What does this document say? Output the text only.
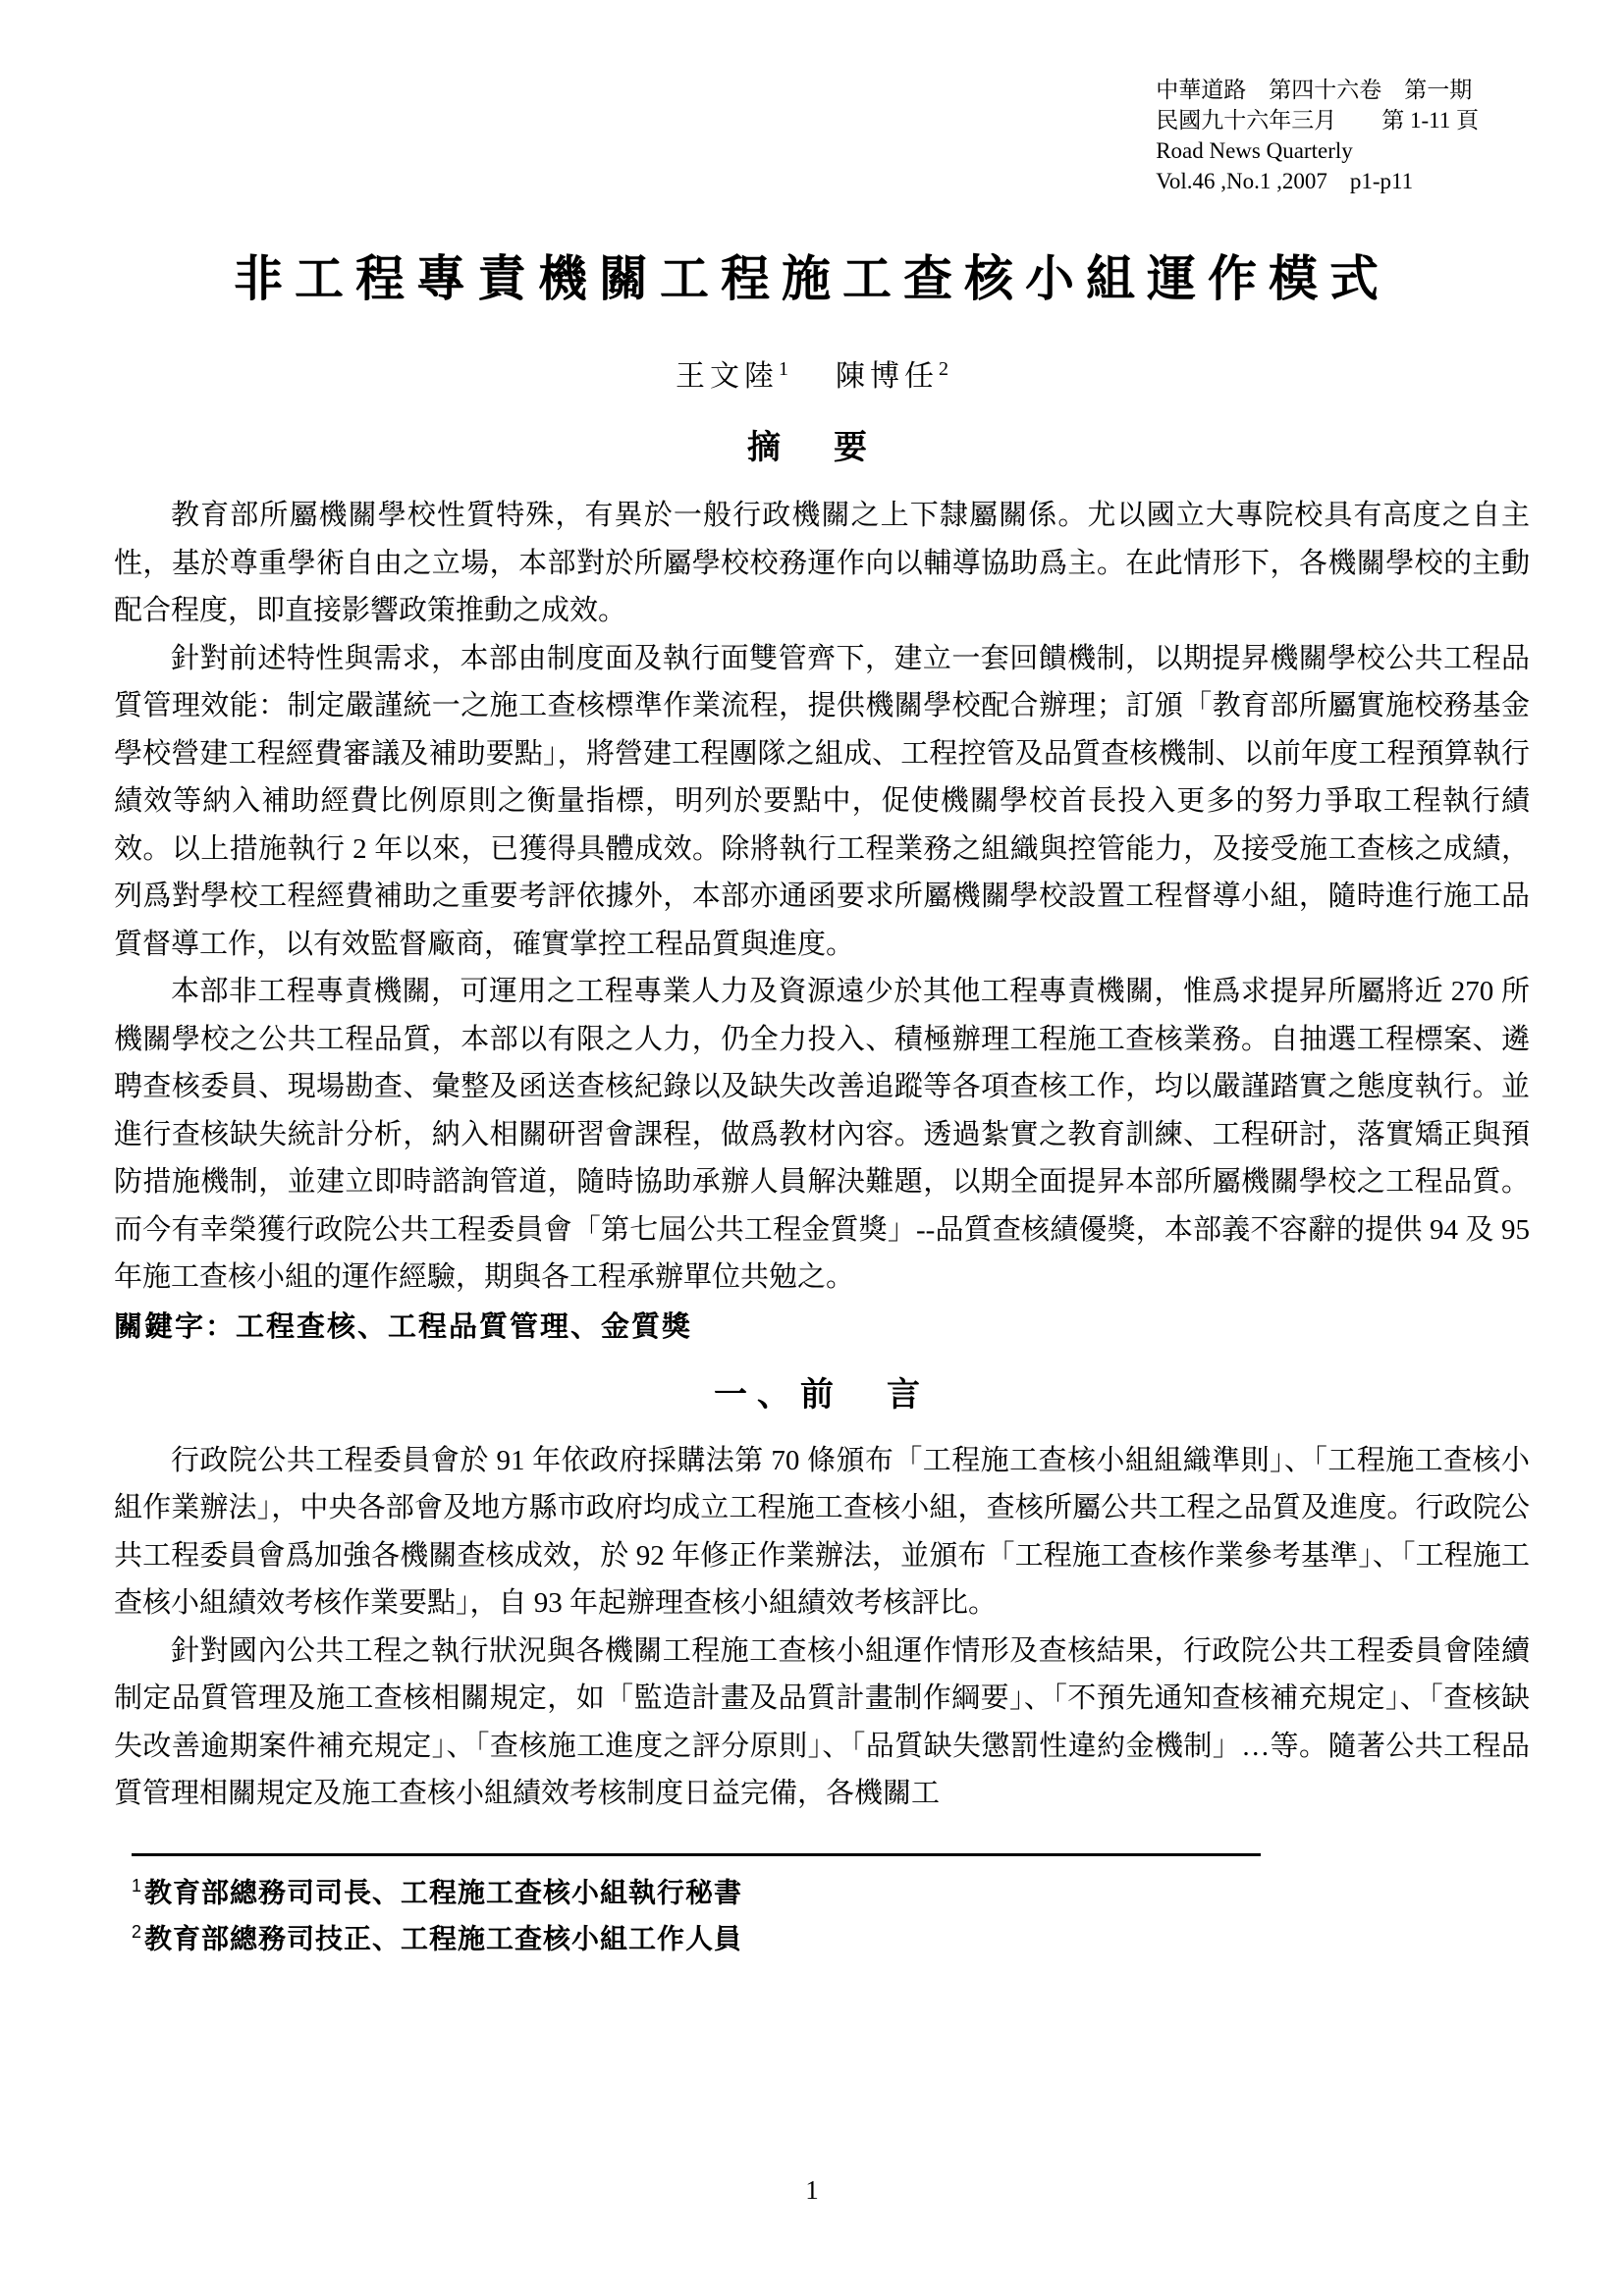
中華道路　第四十六卷　第一期
民國九十六年三月　　第 1-11 頁
Road News Quarterly
Vol.46 ,No.1 ,2007　p1-p11
非工程專責機關工程施工查核小組運作模式
王文陸$^1$ 陳博任$^2$
摘　要

教育部所屬機關學校性質特殊，有異於一般行政機關之上下隸屬關係。尤以國立大專院校具有高度之自主性，基於尊重學術自由之立場，本部對於所屬學校校務運作向以輔導協助爲主。在此情形下，各機關學校的主動配合程度，即直接影響政策推動之成效。

針對前述特性與需求，本部由制度面及執行面雙管齊下，建立一套回饋機制，以期提昇機關學校公共工程品質管理效能：制定嚴謹統一之施工查核標準作業流程，提供機關學校配合辦理；訂頒「教育部所屬實施校務基金學校營建工程經費審議及補助要點」，將營建工程團隊之組成、工程控管及品質查核機制、以前年度工程預算執行績效等納入補助經費比例原則之衡量指標，明列於要點中，促使機關學校首長投入更多的努力爭取工程執行績效。以上措施執行 2 年以來，已獲得具體成效。除將執行工程業務之組織與控管能力，及接受施工查核之成績，列爲對學校工程經費補助之重要考評依據外，本部亦通函要求所屬機關學校設置工程督導小組，隨時進行施工品質督導工作，以有效監督廠商，確實掌控工程品質與進度。

本部非工程專責機關，可運用之工程專業人力及資源遠少於其他工程專責機關，惟爲求提昇所屬將近 270 所機關學校之公共工程品質，本部以有限之人力，仍全力投入、積極辦理工程施工查核業務。自抽選工程標案、遴聘查核委員、現場勘查、彙整及函送查核紀錄以及缺失改善追蹤等各項查核工作，均以嚴謹踏實之態度執行。並進行查核缺失統計分析，納入相關研習會課程，做爲教材內容。透過紮實之教育訓練、工程研討，落實矯正與預防措施機制，並建立即時諮詢管道，隨時協助承辦人員解決難題，以期全面提昇本部所屬機關學校之工程品質。而今有幸榮獲行政院公共工程委員會「第七屆公共工程金質獎」--品質查核績優獎，本部義不容辭的提供 94 及 95 年施工查核小組的運作經驗，期與各工程承辦單位共勉之。

關鍵字：工程查核、工程品質管理、金質獎

一、前　言

行政院公共工程委員會於 91 年依政府採購法第 70 條頒布「工程施工查核小組組織準則」、「工程施工查核小組作業辦法」，中央各部會及地方縣市政府均成立工程施工查核小組，查核所屬公共工程之品質及進度。行政院公共工程委員會爲加強各機關查核成效，於 92 年修正作業辦法，並頒布「工程施工查核作業參考基準」、「工程施工查核小組績效考核作業要點」，自 93 年起辦理查核小組績效考核評比。

針對國內公共工程之執行狀況與各機關工程施工查核小組運作情形及查核結果，行政院公共工程委員會陸續制定品質管理及施工查核相關規定，如「監造計畫及品質計畫制作綱要」、「不預先通知查核補充規定」、「查核缺失改善逾期案件補充規定」、「查核施工進度之評分原則」、「品質缺失懲罰性違約金機制」…等。隨著公共工程品質管理相關規定及施工查核小組績效考核制度日益完備，各機關工

$^1$教育部總務司司長、工程施工查核小組執行秘書
$^2$教育部總務司技正、工程施工查核小組工作人員
1
